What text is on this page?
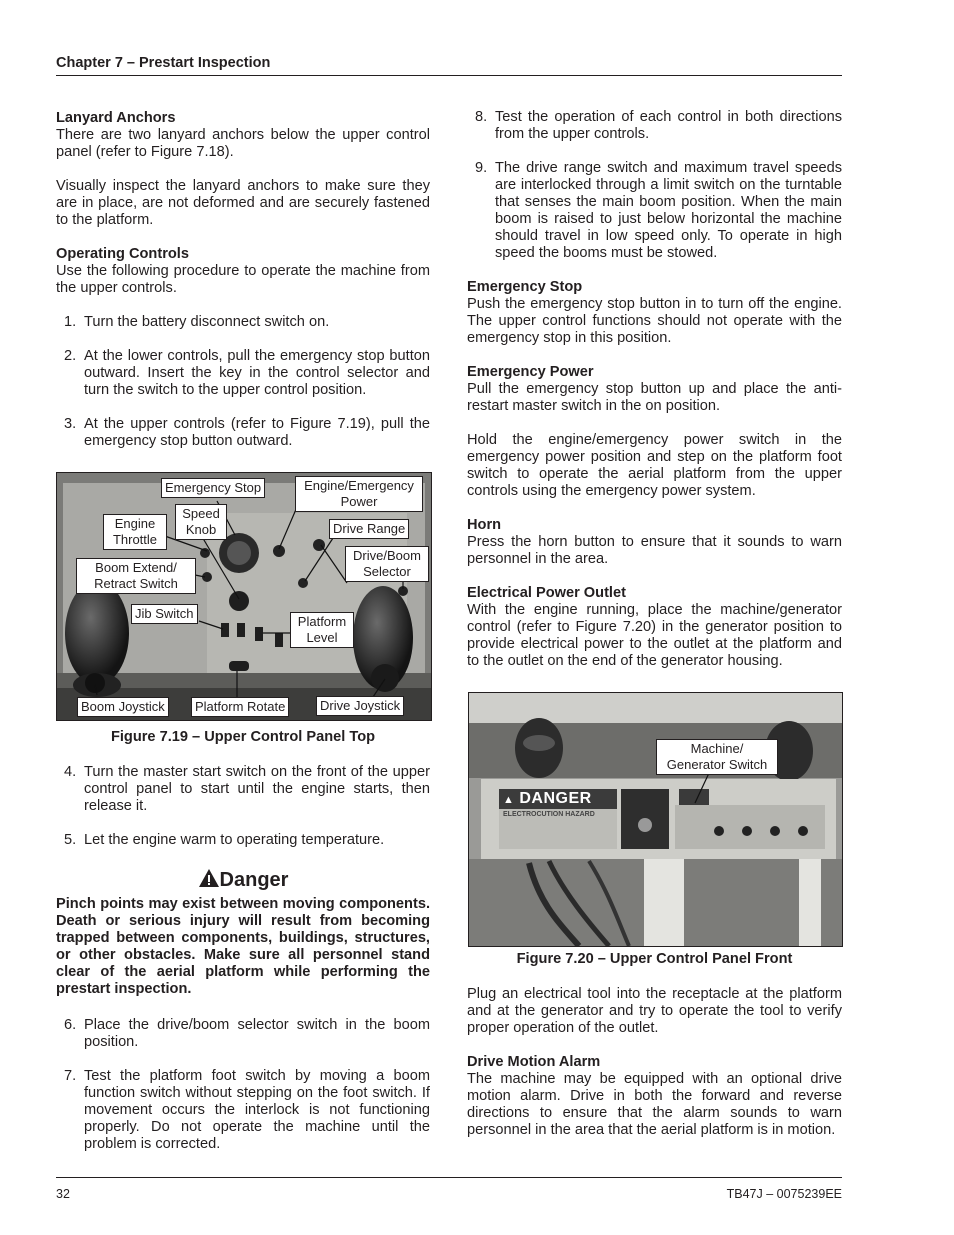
Chapter 7 – Prestart Inspection
Lanyard Anchors

There are two lanyard anchors below the upper control panel (refer to Figure 7.18).

Visually inspect the lanyard anchors to make sure they are in place, are not deformed and are securely fastened to the platform.

Operating Controls

Use the following procedure to operate the machine from the upper controls.

1. Turn the battery disconnect switch on.
2. At the lower controls, pull the emergency stop button outward. Insert the key in the control selector and turn the switch to the upper control position.
3. At the upper controls (refer to Figure 7.19), pull the emergency stop button outward.
Emergency Stop	Engine/Emergency Power
Speed Knob
Engine Throttle
Drive Range
Drive/Boom Selector
Boom Extend/ Retract Switch
Jib Switch
Platform Level
Boom Joystick	Platform Rotate	Drive Joystick
Figure 7.19 – Upper Control Panel Top
4. Turn the master start switch on the front of the upper control panel to start until the engine starts, then release it.
5. Let the engine warm to operating temperature.
Danger

Pinch points may exist between moving components. Death or serious injury will result from becoming trapped between components, buildings, structures, or other obstacles. Make sure all personnel stand clear of the aerial platform while performing the prestart inspection.

6. Place the drive/boom selector switch in the boom position.
7. Test the platform foot switch by moving a boom function switch without stepping on the foot switch. If movement occurs the interlock is not functioning properly. Do not operate the machine until the problem is corrected.
8. Test the operation of each control in both directions from the upper controls.
9. The drive range switch and maximum travel speeds are interlocked through a limit switch on the turntable that senses the main boom position. When the main boom is raised to just below horizontal the machine should travel in low speed only. To operate in high speed the booms must be stowed.
Emergency Stop

Push the emergency stop button in to turn off the engine. The upper control functions should not operate with the emergency stop in this position.

Emergency Power

Pull the emergency stop button up and place the anti-restart master switch in the on position.

Hold the engine/emergency power switch in the emergency power position and step on the platform foot switch to operate the aerial platform from the upper controls using the emergency power system.

Horn

Press the horn button to ensure that it sounds to warn personnel in the area.

Electrical Power Outlet

With the engine running, place the machine/generator control (refer to Figure 7.20) in the generator position to provide electrical power to the outlet at the platform and to the outlet on the end of the generator housing.

▲ DANGER
ELECTROCUTION HAZARD
Machine/ Generator Switch
Figure 7.20 – Upper Control Panel Front

Plug an electrical tool into the receptacle at the platform and at the generator and try to operate the tool to verify proper operation of the outlet.

Drive Motion Alarm

The machine may be equipped with an optional drive motion alarm. Drive in both the forward and reverse directions to ensure that the alarm sounds to warn personnel in the area that the aerial platform is in motion.

32	TB47J – 0075239EE
